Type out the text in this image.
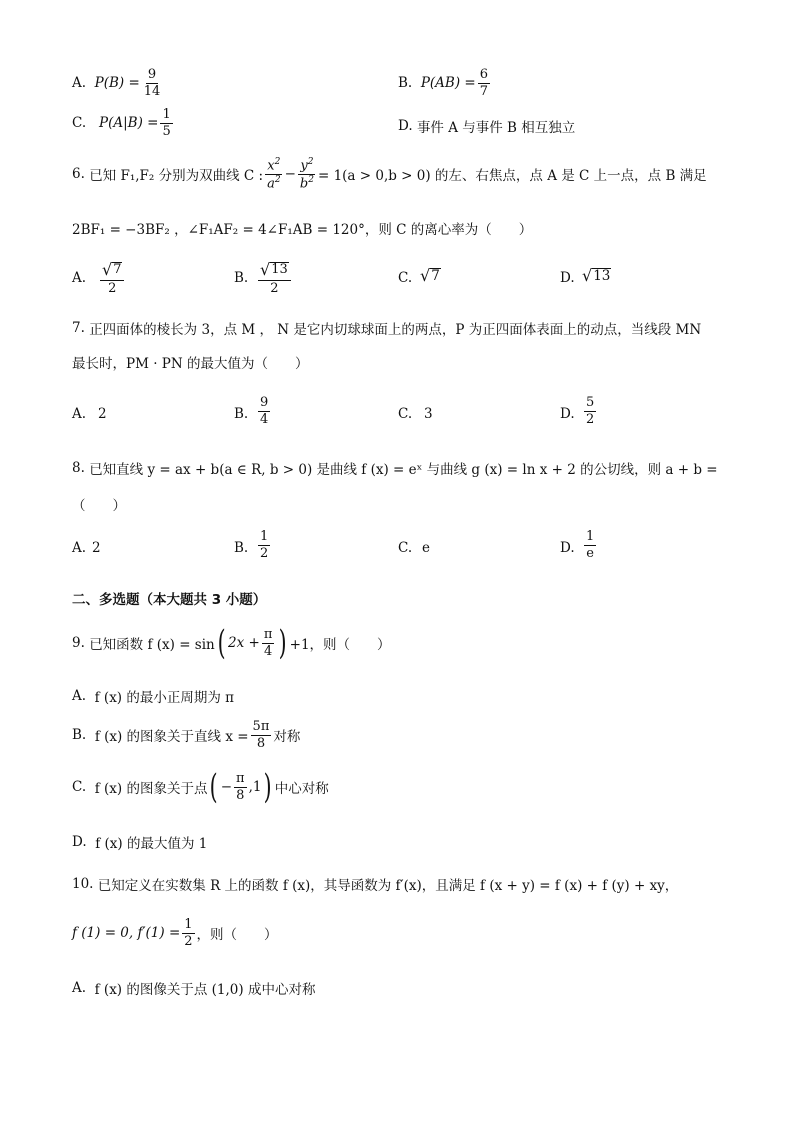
A.
$P(B) = \frac{9}{14}$	B.
$P(AB) = \frac{6}{7}$
C.
$P(A|B) = \frac{1}{5}$	D.
事件 A 与事件 B 相互独立
6.
已知 F₁,F₂ 分别为双曲线 C : $\frac{x^2}{a^2} - \frac{y^2}{b^2} = 1(a > 0,b > 0)$ 的左、右焦点，点 A 是 C 上一点，点 B 满足
2BF₁ = −3BF₂ ，∠F₁AF₂ = 4∠F₁AB = 120°，则 C 的离心率为（　　）
A. $\frac{√ 7}{2}$	B. $\frac{√ 13}{2}$	C. √ 7	D. √ 13
7.
正四面体的棱长为 3，点 M ， N 是它内切球球面上的两点，P 为正四面体表面上的动点，当线段 MN
最长时，PM · PN 的最大值为（　　）
A. 2	B. $\frac{9}{4}$	C. 3	D. $\frac{5}{2}$
8.
已知直线 y = ax + b(a ∈ R, b > 0) 是曲线 f (x) = eˣ 与曲线 g (x) = ln x + 2 的公切线，则 a + b =
（　　）
A. 2	B. $\frac{1}{2}$	C. e	D. $\frac{1}{e}$
二、多选题（本大题共 3 小题）
9.
已知函数 f (x) = sin ( $2x + \frac{\pi}{4}$ ) +1，则（　　）
A.
f (x) 的最小正周期为 π
B.
f (x) 的图象关于直线 $x = \frac{5\pi}{8}$ 对称
C.
f (x) 的图象关于点 ( − $\frac{\pi}{8} ,1$ ) 中心对称
D.
f (x) 的最大值为 1
10.
已知定义在实数集 R 上的函数 f (x)，其导函数为 f′(x)，且满足 f (x + y) = f (x) + f (y) + xy，
f (1) = 0, $f'(1) = \frac{1}{2}$ ，则（　　）
A.
f (x) 的图像关于点 (1,0) 成中心对称
